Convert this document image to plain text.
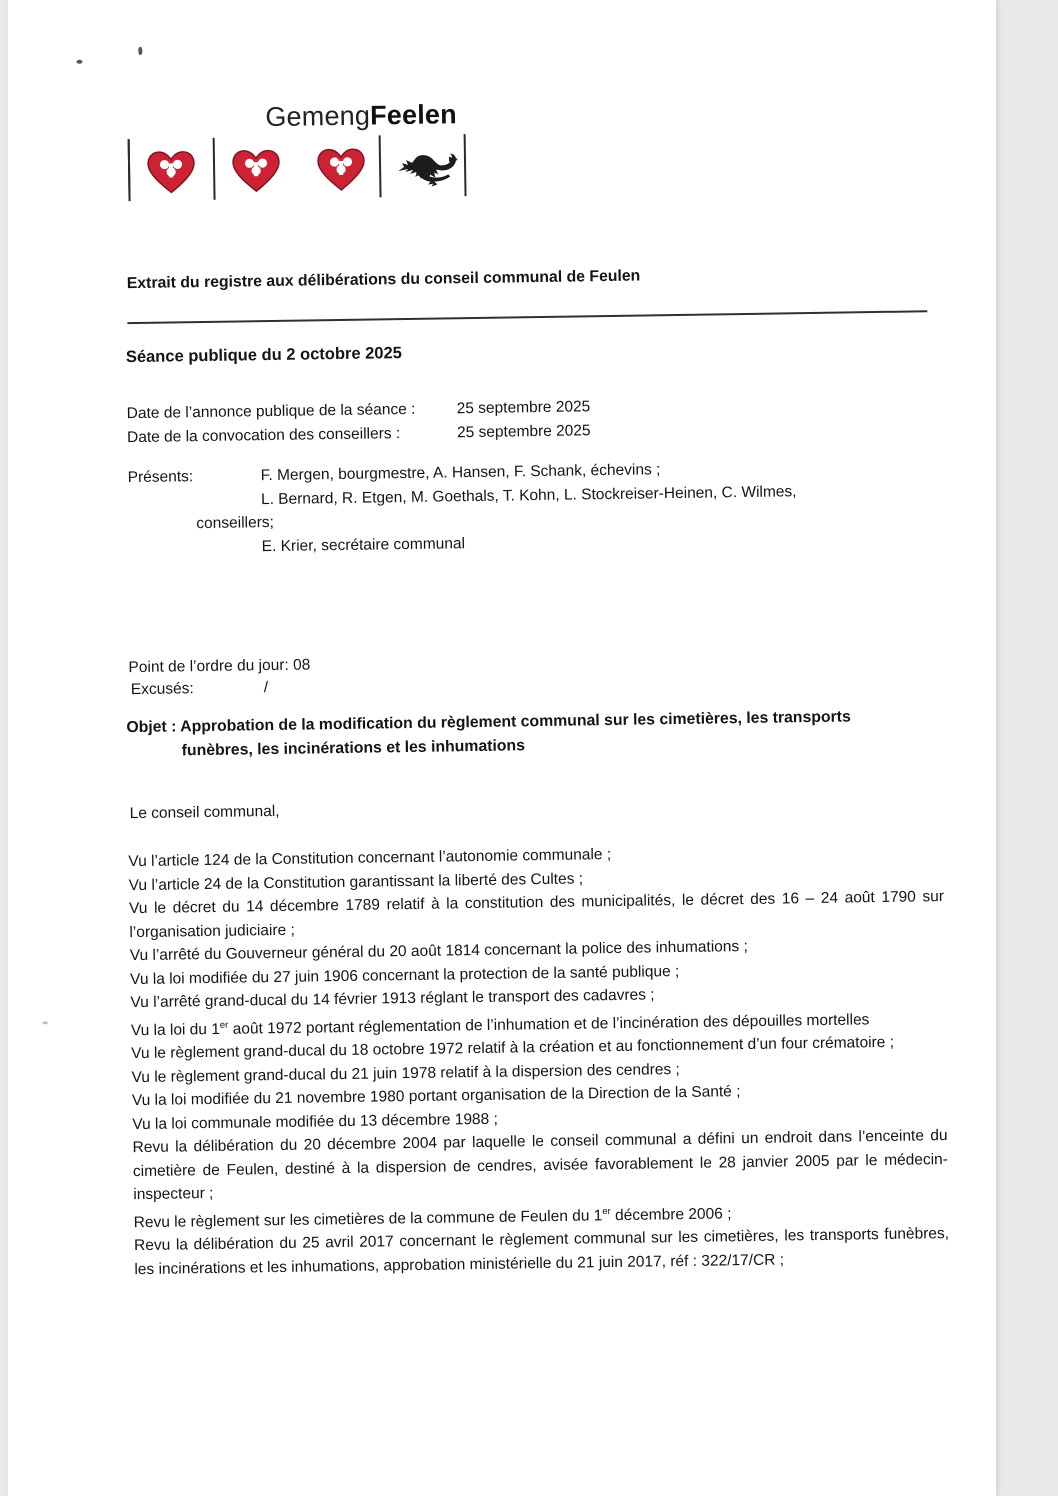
GemengFeelen
Extrait du registre aux délibérations du conseil communal de Feulen
Séance publique du 2 octobre 2025
Date de l’annonce publique de la séance :	25 septembre 2025
Date de la convocation des conseillers :	25 septembre 2025
Présents:	F. Mergen, bourgmestre, A. Hansen, F. Schank, échevins ;
L. Bernard, R. Etgen, M. Goethals, T. Kohn, L. Stockreiser-Heinen, C. Wilmes,
conseillers;
E. Krier, secrétaire communal
Excusés:	/
Point de l’ordre du jour: 08
Objet : Approbation de la modification du règlement communal sur les cimetières, les transports
funèbres, les incinérations et les inhumations
Le conseil communal,

Vu l’article 124 de la Constitution concernant l’autonomie communale ;

Vu l’article 24 de la Constitution garantissant la liberté des Cultes ;

Vu le décret du 14 décembre 1789 relatif à la constitution des municipalités, le décret des 16 – 24 août 1790 sur l’organisation judiciaire ;

Vu l’arrêté du Gouverneur général du 20 août 1814 concernant la police des inhumations ;

Vu la loi modifiée du 27 juin 1906 concernant la protection de la santé publique ;

Vu l’arrêté grand-ducal du 14 février 1913 réglant le transport des cadavres ;

Vu la loi du 1er août 1972 portant réglementation de l’inhumation et de l’incinération des dépouilles mortelles

Vu le règlement grand-ducal du 18 octobre 1972 relatif à la création et au fonctionnement d’un four crématoire ;

Vu le règlement grand-ducal du 21 juin 1978 relatif à la dispersion des cendres ;

Vu la loi modifiée du 21 novembre 1980 portant organisation de la Direction de la Santé ;

Vu la loi communale modifiée du 13 décembre 1988 ;

Revu la délibération du 20 décembre 2004 par laquelle le conseil communal a défini un endroit dans l’enceinte du cimetière de Feulen, destiné à la dispersion de cendres, avisée favorablement le 28 janvier 2005 par le médecin-inspecteur ;

Revu le règlement sur les cimetières de la commune de Feulen du 1er décembre 2006 ;

Revu la délibération du 25 avril 2017 concernant le règlement communal sur les cimetières, les transports funèbres, les incinérations et les inhumations, approbation ministérielle du 21 juin 2017, réf : 322/17/CR ;
